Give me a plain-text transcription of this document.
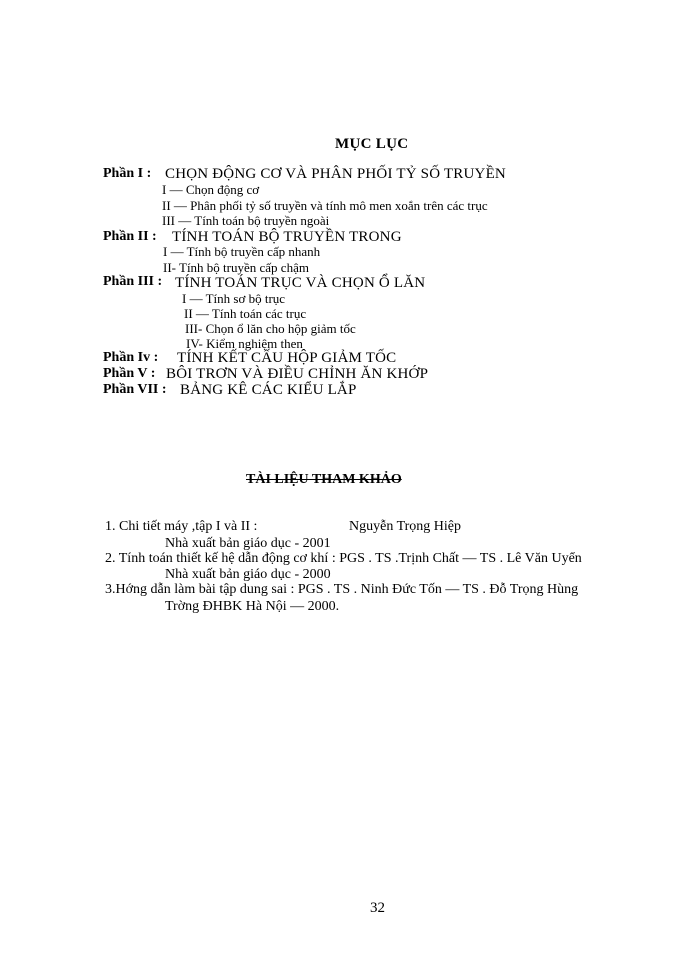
MỤC LỤC
Phần I : CHỌN ĐỘNG CƠ VÀ PHÂN PHỐI TỶ SỐ TRUYỀN
I — Chọn động cơ
II — Phân phối tỷ số truyền và tính mô men xoắn trên các trục
III — Tính toán bộ truyền ngoài
Phần II : TÍNH TOÁN BỘ TRUYỀN TRONG
I — Tính bộ truyền cấp nhanh
II- Tính bộ truyền cấp chậm
Phần III : TÍNH TOÁN TRỤC VÀ CHỌN Ổ LĂN
I — Tính sơ bộ trục
II — Tính toán các trục
III- Chọn ổ lăn cho hộp giảm tốc
IV- Kiểm nghiệm then
Phần Iv : TÍNH KẾT CẤU HỘP GIẢM TỐC
Phần V : BÔI TRƠN VÀ ĐIỀU CHỈNH ĂN KHỚP
Phần VII : BẢNG KÊ CÁC KIỂU LẮP
TÀI LIỆU THAM KHẢO
1. Chi tiết máy ,tập I và II :	Nguyễn Trọng Hiệp
Nhà xuất bản giáo dục - 2001
2. Tính toán thiết kế hệ dẫn động cơ khí : PGS . TS .Trịnh Chất — TS . Lê Văn Uyển
Nhà xuất bản giáo dục - 2000
3.Hớng dẫn làm bài tập dung sai : PGS . TS . Ninh Đức Tốn — TS . Đỗ Trọng Hùng
Trờng ĐHBK Hà Nội — 2000.
32
